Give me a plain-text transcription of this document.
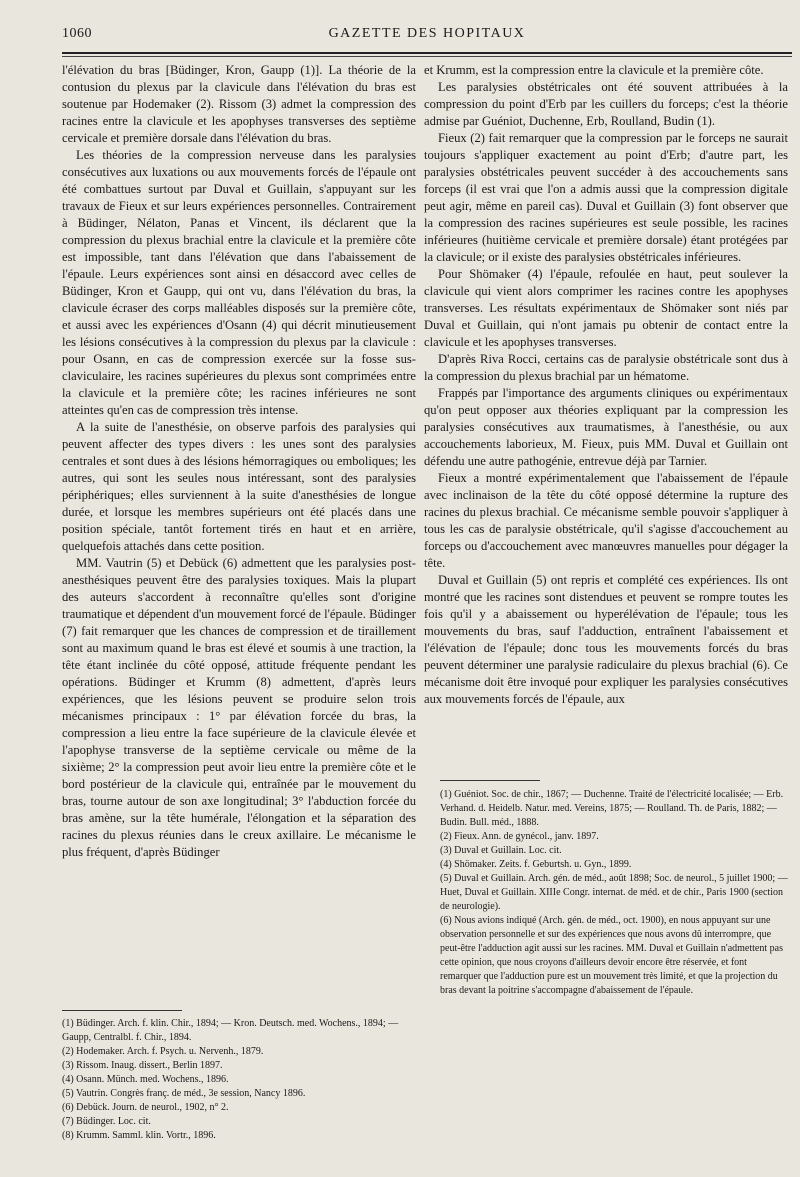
1060	GAZETTE DES HOPITAUX

l'élévation du bras [Büdinger, Kron, Gaupp (1)]. La théorie de la contusion du plexus par la clavicule dans l'élévation du bras est soutenue par Hodemaker (2). Rissom (3) admet la compression des racines entre la clavicule et les apophyses transverses des septième cervicale et première dorsale dans l'élévation du bras.

Les théories de la compression nerveuse dans les paralysies consécutives aux luxations ou aux mouvements forcés de l'épaule ont été combattues surtout par Duval et Guillain, s'appuyant sur les travaux de Fieux et sur leurs expériences personnelles. Contrairement à Büdinger, Nélaton, Panas et Vincent, ils déclarent que la compression du plexus brachial entre la clavicule et la première côte est impossible, tant dans l'élévation que dans l'abaissement de l'épaule. Leurs expériences sont ainsi en désaccord avec celles de Büdinger, Kron et Gaupp, qui ont vu, dans l'élévation du bras, la clavicule écraser des corps malléables disposés sur la première côte, et aussi avec les expériences d'Osann (4) qui décrit minutieusement les lésions consécutives à la compression du plexus par la clavicule : pour Osann, en cas de compression exercée sur la fosse sus-claviculaire, les racines supérieures du plexus sont comprimées entre la clavicule et la première côte; les racines inférieures ne sont atteintes qu'en cas de compression très intense.

A la suite de l'anesthésie, on observe parfois des paralysies qui peuvent affecter des types divers : les unes sont des paralysies centrales et sont dues à des lésions hémorragiques ou emboliques; les autres, qui sont les seules nous intéressant, sont des paralysies périphériques; elles surviennent à la suite d'anesthésies de longue durée, et lorsque les membres supérieurs ont été placés dans une position spéciale, tantôt fortement tirés en haut et en arrière, quelquefois attachés dans cette position.

MM. Vautrin (5) et Debück (6) admettent que les paralysies post-anesthésiques peuvent être des paralysies toxiques. Mais la plupart des auteurs s'accordent à reconnaître qu'elles sont d'origine traumatique et dépendent d'un mouvement forcé de l'épaule. Büdinger (7) fait remarquer que les chances de compression et de tiraillement sont au maximum quand le bras est élevé et soumis à une traction, la tête étant inclinée du côté opposé, attitude fréquente pendant les opérations. Büdinger et Krumm (8) admettent, d'après leurs expériences, que les lésions peuvent se produire selon trois mécanismes principaux : 1° par élévation forcée du bras, la compression a lieu entre la face supérieure de la clavicule élevée et l'apophyse transverse de la septième cervicale ou même de la sixième; 2° la compression peut avoir lieu entre la première côte et le bord postérieur de la clavicule qui, entraînée par le mouvement du bras, tourne autour de son axe longitudinal; 3° l'abduction forcée du bras amène, sur la tête humérale, l'élongation et la séparation des racines du plexus réunies dans le creux axillaire. Le mécanisme le plus fréquent, d'après Büdinger

(1) Büdinger. Arch. f. klin. Chir., 1894; — Kron. Deutsch. med. Wochens., 1894; — Gaupp, Centralbl. f. Chir., 1894.

(2) Hodemaker. Arch. f. Psych. u. Nervenh., 1879.

(3) Rissom. Inaug. dissert., Berlin 1897.

(4) Osann. Münch. med. Wochens., 1896.

(5) Vautrin. Congrès franç. de méd., 3e session, Nancy 1896.

(6) Debück. Journ. de neurol., 1902, n° 2.

(7) Büdinger. Loc. cit.

(8) Krumm. Samml. klin. Vortr., 1896.

et Krumm, est la compression entre la clavicule et la première côte.

Les paralysies obstétricales ont été souvent attribuées à la compression du point d'Erb par les cuillers du forceps; c'est la théorie admise par Guéniot, Duchenne, Erb, Roulland, Budin (1).

Fieux (2) fait remarquer que la compression par le forceps ne saurait toujours s'appliquer exactement au point d'Erb; d'autre part, les paralysies obstétricales peuvent succéder à des accouchements sans forceps (il est vrai que l'on a admis aussi que la compression digitale peut agir, même en pareil cas). Duval et Guillain (3) font observer que la compression des racines supérieures est seule possible, les racines inférieures (huitième cervicale et première dorsale) étant protégées par la clavicule; or il existe des paralysies obstétricales inférieures.

Pour Shömaker (4) l'épaule, refoulée en haut, peut soulever la clavicule qui vient alors comprimer les racines contre les apophyses transverses. Les résultats expérimentaux de Shömaker sont niés par Duval et Guillain, qui n'ont jamais pu obtenir de contact entre la clavicule et les apophyses transverses.

D'après Riva Rocci, certains cas de paralysie obstétricale sont dus à la compression du plexus brachial par un hématome.

Frappés par l'importance des arguments cliniques ou expérimentaux qu'on peut opposer aux théories expliquant par la compression les paralysies consécutives aux traumatismes, à l'anesthésie, ou aux accouchements laborieux, M. Fieux, puis MM. Duval et Guillain ont défendu une autre pathogénie, entrevue déjà par Tarnier.

Fieux a montré expérimentalement que l'abaissement de l'épaule avec inclinaison de la tête du côté opposé détermine la rupture des racines du plexus brachial. Ce mécanisme semble pouvoir s'appliquer à tous les cas de paralysie obstétricale, qu'il s'agisse d'accouchement au forceps ou d'accouchement avec manœuvres manuelles pour dégager la tête.

Duval et Guillain (5) ont repris et complété ces expériences. Ils ont montré que les racines sont distendues et peuvent se rompre toutes les fois qu'il y a abaissement ou hyperélévation de l'épaule; tous les mouvements du bras, sauf l'adduction, entraînent l'abaissement et l'élévation de l'épaule; donc tous les mouvements forcés du bras peuvent déterminer une paralysie radiculaire du plexus brachial (6). Ce mécanisme doit être invoqué pour expliquer les paralysies consécutives aux mouvements forcés de l'épaule, aux

(1) Guéniot. Soc. de chir., 1867; — Duchenne. Traité de l'électricité localisée; — Erb. Verhand. d. Heidelb. Natur. med. Vereins, 1875; — Roulland. Th. de Paris, 1882; — Budin. Bull. méd., 1888.

(2) Fieux. Ann. de gynécol., janv. 1897.

(3) Duval et Guillain. Loc. cit.

(4) Shömaker. Zeits. f. Geburtsh. u. Gyn., 1899.

(5) Duval et Guillain. Arch. gén. de méd., août 1898; Soc. de neurol., 5 juillet 1900; — Huet, Duval et Guillain. XIIIe Congr. internat. de méd. et de chir., Paris 1900 (section de neurologie).

(6) Nous avions indiqué (Arch. gén. de méd., oct. 1900), en nous appuyant sur une observation personnelle et sur des expériences que nous avons dû interrompre, que peut-être l'adduction agit aussi sur les racines. MM. Duval et Guillain n'admettent pas cette opinion, que nous croyons d'ailleurs devoir encore être réservée, et font remarquer que l'adduction pure est un mouvement très limité, et que la projection du bras devant la poitrine s'accompagne d'abaissement de l'épaule.
